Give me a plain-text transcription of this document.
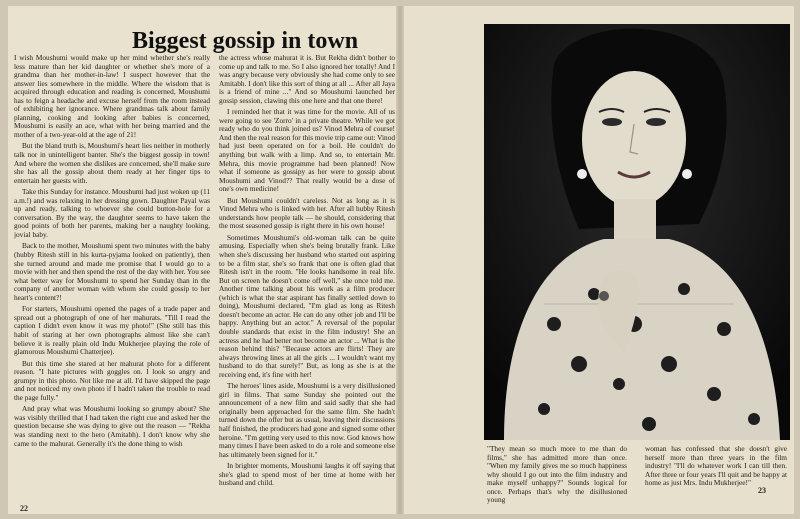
Biggest gossip in town

I wish Moushumi would make up her mind whether she's really less mature than her kid daughter or whether she's more of a grandma than her mother-in-law! I suspect however that the answer lies somewhere in the middle. Where the wisdom that is acquired through education and reading is concerned, Moushumi has to feign a headache and excuse herself from the room instead of exhibiting her ignorance. Where grandmas talk about family planning, cooking and looking after babies is concerned, Moushumi is easily an ace, what with her being married and the mother of a two-year-old at the age of 21!

But the bland truth is, Moushumi's heart lies neither in motherly talk nor in unintelligent banter. She's the biggest gossip in town! And where the women she dislikes are concerned, she'll make sure she has all the gossip about them ready at her finger tips to entertain her guests with.

Take this Sunday for instance. Moushumi had just woken up (11 a.m.!) and was relaxing in her dressing gown. Daughter Payal was up and ready, talking to whoever she could button-hole for a conversation. By the way, the daughter seems to have taken the good points of both her parents, making her a naughty looking, jovial baby.

Back to the mother, Moushumi spent two minutes with the baby (hubby Ritesh still in his kurta-pyjama looked on patiently), then she turned around and made me promise that I would go to a movie with her and then spend the rest of the day with her. You see what better way for Moushumi to spend her Sunday than in the company of another woman with whom she could gossip to her heart's content?!

For starters, Moushumi opened the pages of a trade paper and spread out a photograph of one of her mahurats. "Till I read the caption I didn't even know it was my photo!" (She still has this habit of staring at her own photographs almost like she can't believe it is really plain old Indu Mukherjee playing the role of glamorous Moushumi Chatterjee).

But this time she stared at her mahurat photo for a different reason. "I hate pictures with goggles on. I look so angry and grumpy in this photo. Not like me at all. I'd have skipped the page and not noticed my own photo if I hadn't taken the trouble to read the page fully."

And pray what was Moushumi looking so grumpy about? She was visibly thrilled that I had taken the right cue and asked her the question because she was dying to give out the reason — "Rekha was standing next to the hero (Amitabh). I don't know why she came to the mahurat. Generally it's the done thing to wish

the actress whose mahurat it is. But Rekha didn't bother to come up and talk to me. So I also ignored her totally! And I was angry because very obviously she had come only to see Amitabh. I don't like this sort of thing at all ... After all Jaya is a friend of mine ..." And so Moushumi launched her gossip session, clawing this one here and that one there!

I reminded her that it was time for the movie. All of us were going to see 'Zorro' in a private theatre. While we got ready who do you think joined us? Vinod Mehra of course! And then the real reason for this movie trip came out: Vinod had just been operated on for a boil. He couldn't do anything but walk with a limp. And so, to entertain Mr. Mehra, this movie programme had been planned! Now what if someone as gossipy as her were to gossip about Moushumi and Vinod?? That really would be a dose of one's own medicine!

But Moushumi couldn't careless. Not as long as it is Vinod Mehra who is linked with her. After all hubby Ritesh understands how people talk — he should, considering that the most seasoned gossip is right there in his own house!

Sometimes Moushumi's old-woman talk can be quite amusing. Especially when she's being brutally frank. Like when she's discussing her husband who started out aspiring to be a film star, she's so frank that one is often glad that Ritesh isn't in the room. "He looks handsome in real life. But on screen he doesn't come off well," she once told me. Another time talking about his work as a film producer (which is what the star aspirant has finally settled down to doing), Moushumi declared, "I'm glad as long as Ritesh doesn't become an actor. He can do any other job and I'll be happy. Anything but an actor." A reversal of the popular double standards that exist in the film industry! She an actress and he had better not become an actor ... What is the reason behind this? "Because actors are flirts! They are always throwing lines at all the girls ... I wouldn't want my husband to do that surely!" But, as long as she is at the receiving end, it's fine with her!

The heroes' lines aside, Moushumi is a very disillusioned girl in films. That same Sunday she pointed out the announcement of a new film and said sadly that she had originally been approached for the same film. She hadn't turned down the offer but as usual, leaving their discussions half finished, the producers had gone and signed some other heroine. "I'm getting very used to this now. God knows how many times I have been asked to do a role and someone else has ultimately been signed for it."

In brighter moments, Moushumi laughs it off saying that she's glad to spend most of her time at home with her husband and child.

"They mean so much more to me than do films," she has admitted more than once. "When my family gives me so much happiness why should I go out into the film industry and make myself unhappy?" Sounds logical for once. Perhaps that's why the disillusioned young

woman has confessed that she doesn't give herself more than three years in the film industry! "I'll do whatever work I can till then. After three or four years I'll quit and be happy at home as just Mrs. Indu Mukherjee!"

22
23
